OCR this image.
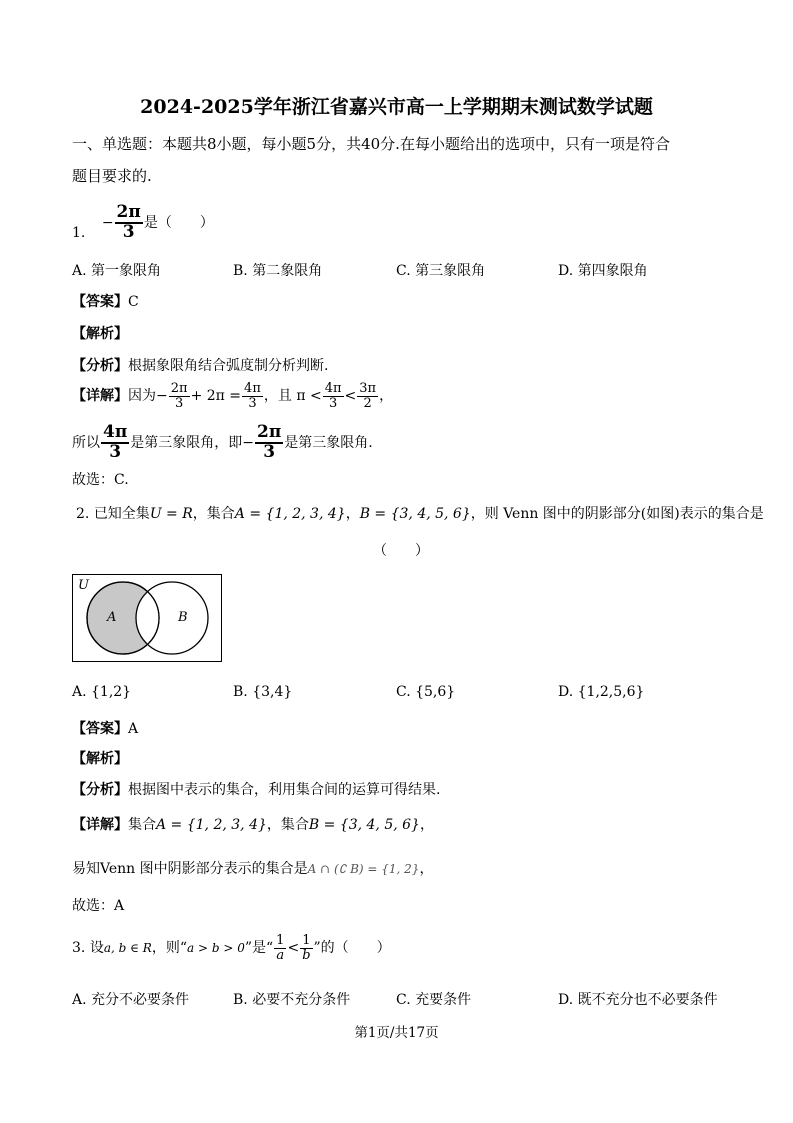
2024-2025学年浙江省嘉兴市高一上学期期末测试数学试题
一、单选题：本题共8小题，每小题5分，共40分.在每小题给出的选项中，只有一项是符合
题目要求的.
1. − $\frac{2\pi}{3}$ 是（　　）
A. 第一象限角	B. 第二象限角	C. 第三象限角	D. 第四象限角
【答案】C
【解析】
【分析】根据象限角结合弧度制分析判断.
【详解】因为− $\frac{2\pi}{3} + 2\pi = \frac{4\pi}{3}$ ，且 $\pi < \frac{4\pi}{3} < \frac{3\pi}{2}$ ，
所以 $\frac{4\pi}{3}$ 是第三象限角，即− $\frac{2\pi}{3}$ 是第三象限角.
故选：C.
2. 已知全集U = R，集合A = {1, 2, 3, 4}，B = {3, 4, 5, 6}，则 Venn 图中的阴影部分(如图)表示的集合是
（　　）
U
A	B
A. {1,2}	B. {3,4}	C. {5,6}	D. {1,2,5,6}
【答案】A
【解析】
【分析】根据图中表示的集合，利用集合间的运算可得结果.
【详解】集合A = {1, 2, 3, 4}，集合B = {3, 4, 5, 6}，
易知Venn 图中阴影部分表示的集合是A ∩ (∁ B) = {1, 2}，
故选：A
3. 设a, b ∈ R，则“a > b > 0”是“ $\frac{1}{a} < \frac{1}{b}$ ”的（　　）
A. 充分不必要条件	B. 必要不充分条件	C. 充要条件	D. 既不充分也不必要条件
第1页/共17页
